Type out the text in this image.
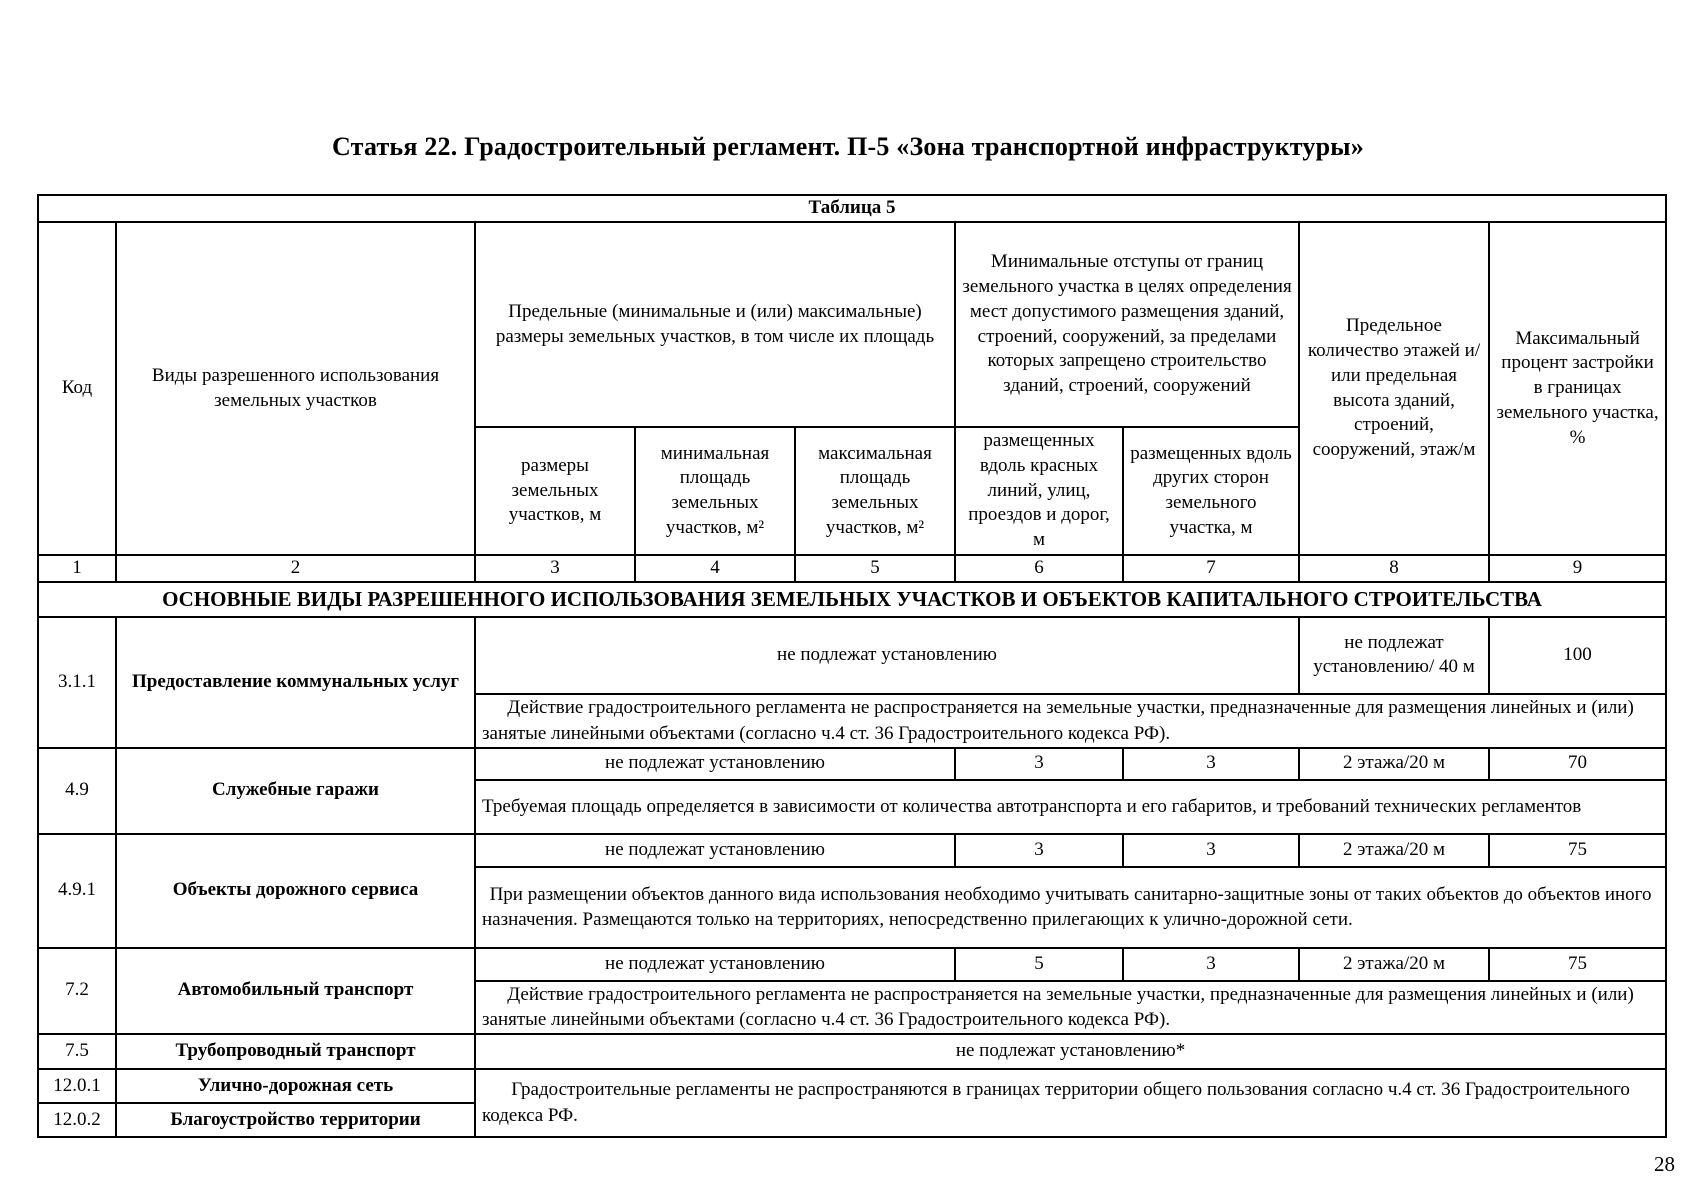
Статья 22. Градостроительный регламент. П-5 «Зона транспортной инфраструктуры»
Таблица 5								
Код	Виды разрешенного использования земельных участков	Предельные (минимальные и (или) максимальные) размеры земельных участков, в том числе их площадь			Минимальные отступы от границ земельного участка в целях определения мест допустимого размещения зданий, строений, сооружений, за пределами которых запрещено строительство зданий, строений, сооружений		Предельное количество этажей и/или предельная высота зданий, строений, сооружений, этаж/м	Максимальный процент застройки в границах земельного участка, %
		размеры земельных участков, м	минимальная площадь земельных участков, м²	максимальная площадь земельных участков, м²	размещенных вдоль красных линий, улиц, проездов и дорог, м	размещенных вдоль других сторон земельного участка, м		
1	2	3	4	5	6	7	8	9
ОСНОВНЫЕ ВИДЫ РАЗРЕШЕННОГО ИСПОЛЬЗОВАНИЯ ЗЕМЕЛЬНЫХ УЧАСТКОВ И ОБЪЕКТОВ КАПИТАЛЬНОГО СТРОИТЕЛЬСТВА								
3.1.1	Предоставление коммунальных услуг	не подлежат установлению					не подлежат установлению/ 40 м	100
		Действие градостроительного регламента не распространяется на земельные участки, предназначенные для размещения линейных и (или) занятые линейными объектами (согласно ч.4 ст. 36 Градостроительного кодекса РФ).						
4.9	Служебные гаражи	не подлежат установлению			3	3	2 этажа/20 м	70
		Требуемая площадь определяется в зависимости от количества автотранспорта и его габаритов, и требований технических регламентов						
4.9.1	Объекты дорожного сервиса	не подлежат установлению			3	3	2 этажа/20 м	75
		При размещении объектов данного вида использования необходимо учитывать санитарно-защитные зоны от таких объектов до объектов иного назначения. Размещаются только на территориях, непосредственно прилегающих к улично-дорожной сети.						
7.2	Автомобильный транспорт	не подлежат установлению			5	3	2 этажа/20 м	75
		Действие градостроительного регламента не распространяется на земельные участки, предназначенные для размещения линейных и (или) занятые линейными объектами (согласно ч.4 ст. 36 Градостроительного кодекса РФ).						
7.5	Трубопроводный транспорт	не подлежат установлению*						
12.0.1	Улично-дорожная сеть	Градостроительные регламенты не распространяются в границах территории общего пользования согласно ч.4 ст. 36 Градостроительного кодекса РФ.						
12.0.2	Благоустройство территории							
28
